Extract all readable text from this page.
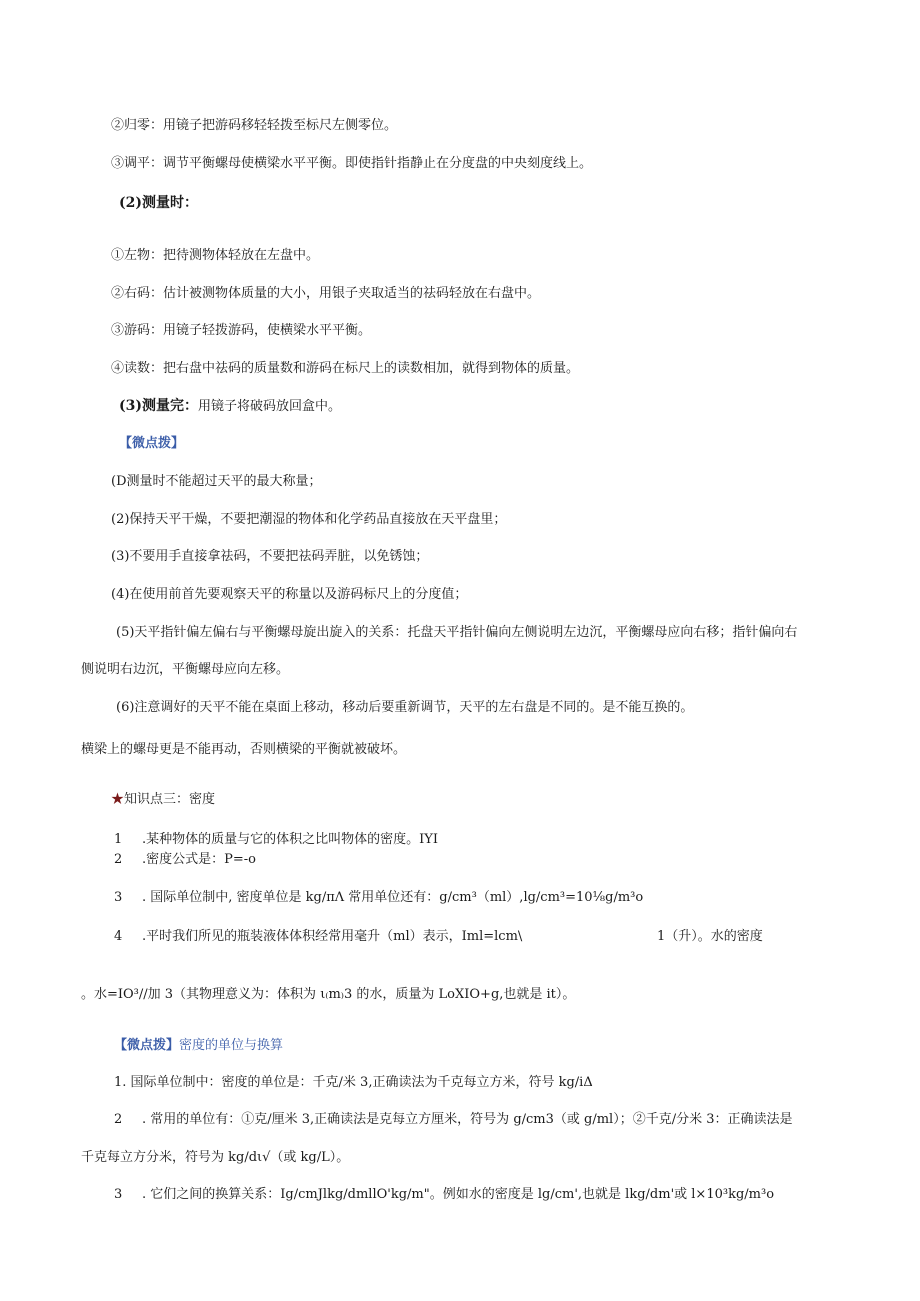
②归零：用镜子把游码移轻轻拨至标尺左侧零位。
③调平：调节平衡螺母使横梁水平平衡。即使指针指静止在分度盘的中央刻度线上。
(2)测量时：
①左物：把待测物体轻放在左盘中。
②右码：估计被测物体质量的大小，用银子夹取适当的祛码轻放在右盘中。
③游码：用镜子轻拨游码，使横梁水平平衡。
④读数：把右盘中祛码的质量数和游码在标尺上的读数相加，就得到物体的质量。
(3)测量完：用镜子将破码放回盒中。
【微点拨】
(D测量时不能超过天平的最大称量；
(2)保持天平干燥，不要把潮湿的物体和化学药品直接放在天平盘里；
(3)不要用手直接拿祛码，不要把祛码弄脏，以免锈蚀；
(4)在使用前首先要观察天平的称量以及游码标尺上的分度值；
(5)天平指针偏左偏右与平衡螺母旋出旋入的关系：托盘天平指针偏向左侧说明左边沉，平衡螺母应向右移；指针偏向右
侧说明右边沉，平衡螺母应向左移。
(6)注意调好的天平不能在桌面上移动，移动后要重新调节，天平的左右盘是不同的。是不能互换的。
横梁上的螺母更是不能再动，否则横梁的平衡就被破坏。
★知识点三：密度
1 .某种物体的质量与它的体积之比叫物体的密度。IYI
2 .密度公式是：P=-o
3 . 国际单位制中, 密度单位是 kg/πΛ 常用单位还有：g/cm³（ml）,lg/cm³=10⅛g/m³o
4 .平时我们所见的瓶装液体体积经常用毫升（ml）表示，Iml=lcm\	1（升）。水的密度
。水=IO³//加 3（其物理意义为：体积为 ι₍m₎3 的水，质量为 LoXIO+g,也就是 it）。
【微点拨】密度的单位与换算
1. 国际单位制中：密度的单位是：千克/米 3,正确读法为千克每立方米，符号 kg/iΔ
2 . 常用的单位有：①克/厘米 3,正确读法是克每立方厘米，符号为 g/cm3（或 g/ml）；②千克/分米 3：正确读法是
千克每立方分米，符号为 kg/dι√（或 kg/L）。
3 . 它们之间的换算关系：Ig/cmJlkg/dmllO'kg/m"。例如水的密度是 lg/cm',也就是 lkg/dm'或 l×10³kg/m³o
